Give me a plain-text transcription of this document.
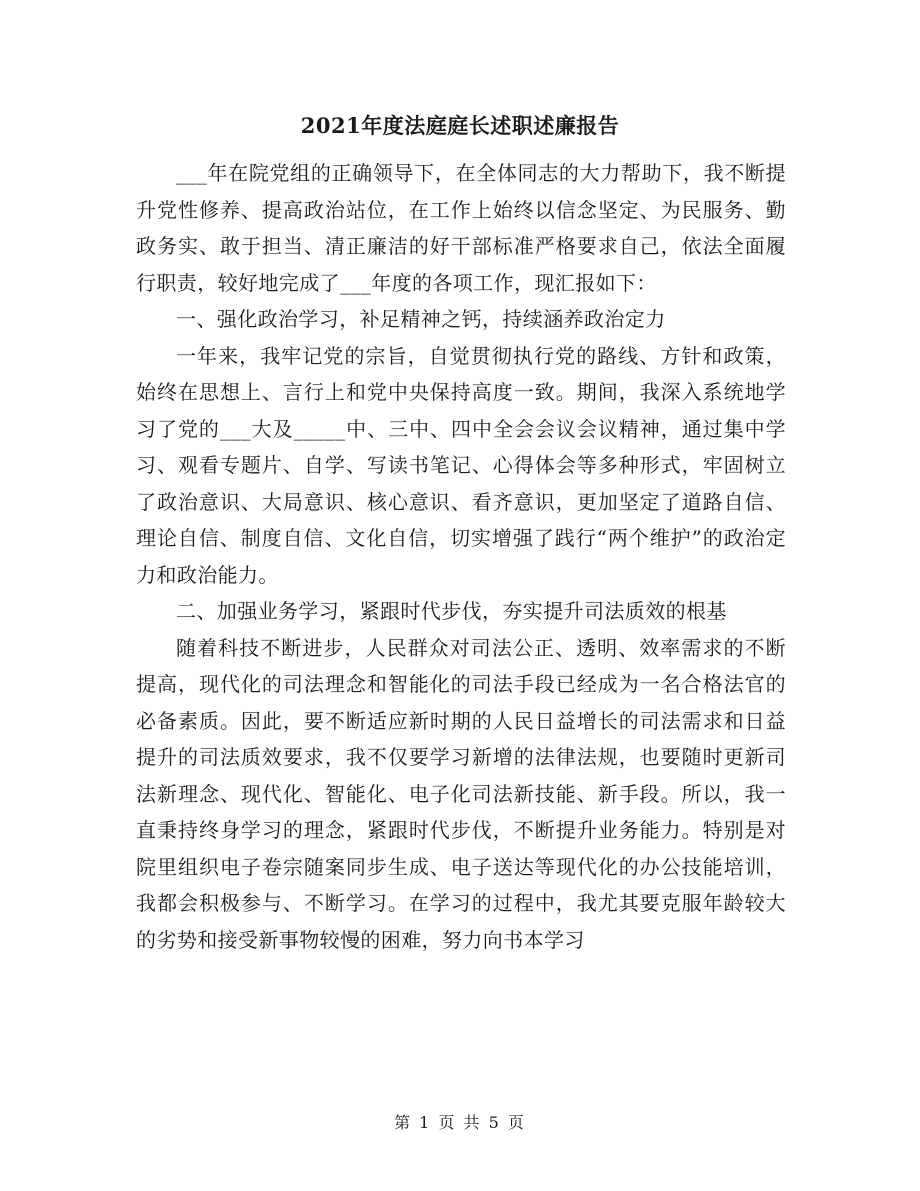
2021年度法庭庭长述职述廉报告

___年在院党组的正确领导下，在全体同志的大力帮助下，我不断提升党性修养、提高政治站位，在工作上始终以信念坚定、为民服务、勤政务实、敢于担当、清正廉洁的好干部标准严格要求自己，依法全面履行职责，较好地完成了___年度的各项工作，现汇报如下：

一、强化政治学习，补足精神之钙，持续涵养政治定力

一年来，我牢记党的宗旨，自觉贯彻执行党的路线、方针和政策，始终在思想上、言行上和党中央保持高度一致。期间，我深入系统地学习了党的___大及_____中、三中、四中全会会议会议精神，通过集中学习、观看专题片、自学、写读书笔记、心得体会等多种形式，牢固树立了政治意识、大局意识、核心意识、看齐意识，更加坚定了道路自信、理论自信、制度自信、文化自信，切实增强了践行“两个维护”的政治定力和政治能力。

二、加强业务学习，紧跟时代步伐，夯实提升司法质效的根基

随着科技不断进步，人民群众对司法公正、透明、效率需求的不断提高，现代化的司法理念和智能化的司法手段已经成为一名合格法官的必备素质。因此，要不断适应新时期的人民日益增长的司法需求和日益提升的司法质效要求，我不仅要学习新增的法律法规，也要随时更新司法新理念、现代化、智能化、电子化司法新技能、新手段。所以，我一直秉持终身学习的理念，紧跟时代步伐，不断提升业务能力。特别是对院里组织电子卷宗随案同步生成、电子送达等现代化的办公技能培训，我都会积极参与、不断学习。在学习的过程中，我尤其要克服年龄较大的劣势和接受新事物较慢的困难，努力向书本学习

第 1 页 共 5 页
